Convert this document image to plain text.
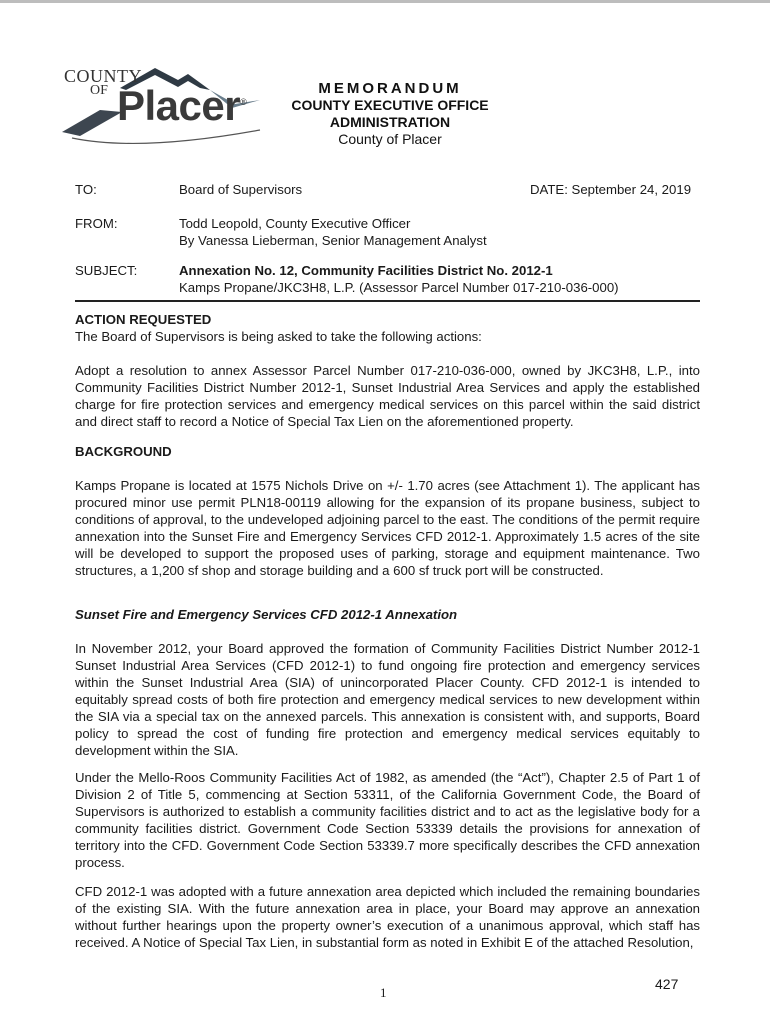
COUNTY
OF Placer®
MEMORANDUM
COUNTY EXECUTIVE OFFICE
ADMINISTRATION
County of Placer
TO:	Board of Supervisors	DATE: September 24, 2019
FROM:	Todd Leopold, County Executive Officer
By Vanessa Lieberman, Senior Management Analyst
SUBJECT:	Annexation No. 12, Community Facilities District No. 2012-1
Kamps Propane/JKC3H8, L.P. (Assessor Parcel Number 017-210-036-000)
ACTION REQUESTED
The Board of Supervisors is being asked to take the following actions:
Adopt a resolution to annex Assessor Parcel Number 017-210-036-000, owned by JKC3H8, L.P., into Community Facilities District Number 2012-1, Sunset Industrial Area Services and apply the established charge for fire protection services and emergency medical services on this parcel within the said district and direct staff to record a Notice of Special Tax Lien on the aforementioned property.
BACKGROUND
Kamps Propane is located at 1575 Nichols Drive on +/- 1.70 acres (see Attachment 1). The applicant has procured minor use permit PLN18-00119 allowing for the expansion of its propane business, subject to conditions of approval, to the undeveloped adjoining parcel to the east. The conditions of the permit require annexation into the Sunset Fire and Emergency Services CFD 2012-1. Approximately 1.5 acres of the site will be developed to support the proposed uses of parking, storage and equipment maintenance. Two structures, a 1,200 sf shop and storage building and a 600 sf truck port will be constructed.
Sunset Fire and Emergency Services CFD 2012-1 Annexation
In November 2012, your Board approved the formation of Community Facilities District Number 2012-1 Sunset Industrial Area Services (CFD 2012-1) to fund ongoing fire protection and emergency services within the Sunset Industrial Area (SIA) of unincorporated Placer County. CFD 2012-1 is intended to equitably spread costs of both fire protection and emergency medical services to new development within the SIA via a special tax on the annexed parcels. This annexation is consistent with, and supports, Board policy to spread the cost of funding fire protection and emergency medical services equitably to development within the SIA.
Under the Mello-Roos Community Facilities Act of 1982, as amended (the “Act”), Chapter 2.5 of Part 1 of Division 2 of Title 5, commencing at Section 53311, of the California Government Code, the Board of Supervisors is authorized to establish a community facilities district and to act as the legislative body for a community facilities district. Government Code Section 53339 details the provisions for annexation of territory into the CFD. Government Code Section 53339.7 more specifically describes the CFD annexation process.
CFD 2012-1 was adopted with a future annexation area depicted which included the remaining boundaries of the existing SIA. With the future annexation area in place, your Board may approve an annexation without further hearings upon the property owner’s execution of a unanimous approval, which staff has received. A Notice of Special Tax Lien, in substantial form as noted in Exhibit E of the attached Resolution,
1
427
